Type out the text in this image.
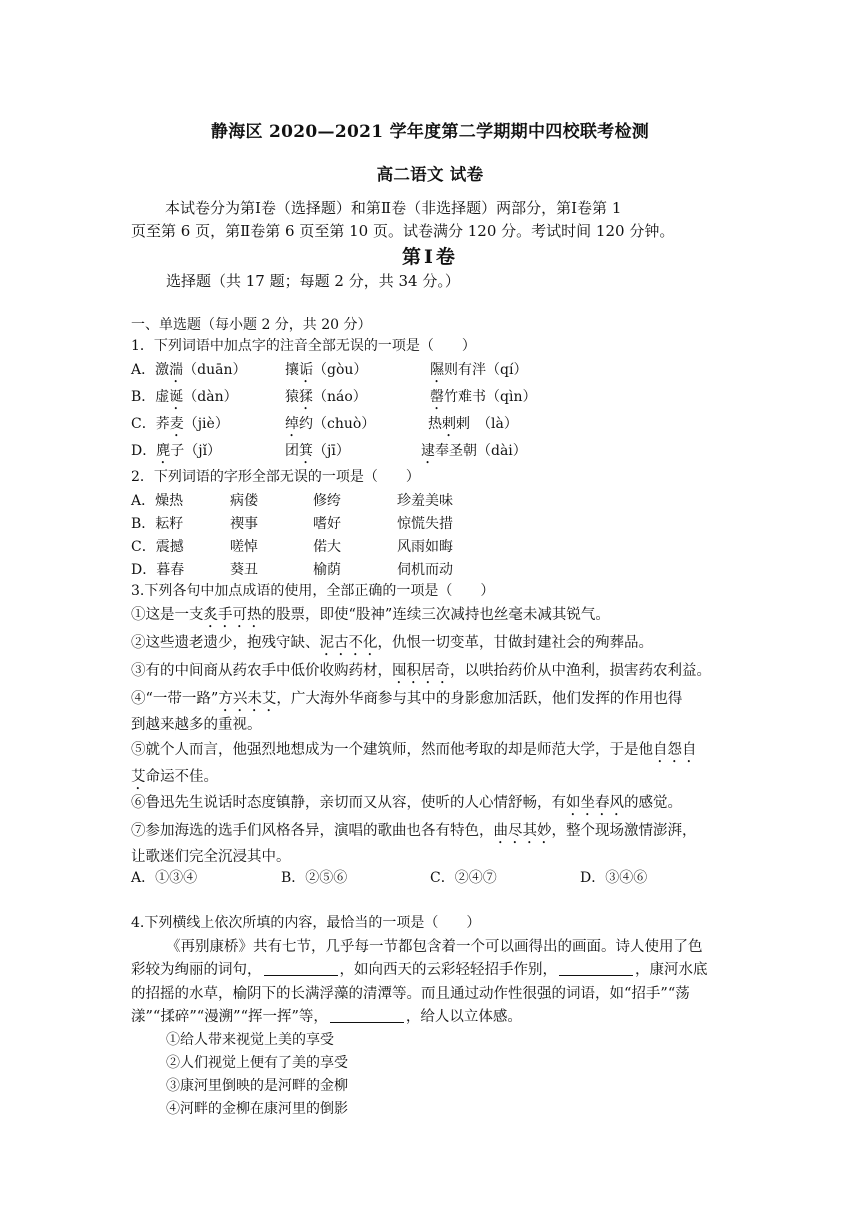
静海区 2020—2021 学年度第二学期期中四校联考检测
高二语文 试卷
本试卷分为第Ⅰ卷（选择题）和第Ⅱ卷（非选择题）两部分，第Ⅰ卷第 1
页至第 6 页，第Ⅱ卷第 6 页至第 10 页。试卷满分 120 分。考试时间 120 分钟。
第Ⅰ卷
选择题（共 17 题；每题 2 分，共 34 分。）
一、单选题（每小题 2 分，共 20 分）
1．下列词语中加点字的注音全部无误的一项是（　　）
A．激湍（duān）	攘诟（gòu）	隰则有泮（qí）
B．虚诞（dàn）	猿猱（náo）	罄竹难书（qìn）
C．荞麦（jiè）	绰约（chuò）	热剌剌　（là）
D．麂子（jǐ）	团箕（jī）	逮奉圣朝（dài）
2．下列词语的字形全部无误的一项是（　　）
A．燥热	病偻	修绔	珍羞美味
B．耘籽	禊事	嗜好	惊慌失措
C．震撼	嗟悼	偌大	风雨如晦
D．暮春	葵丑	榆荫	伺机而动
3.下列各句中加点成语的使用，全部正确的一项是（　　）
①这是一支炙手可热的股票，即使“股神”连续三次减持也丝毫未减其锐气。
②这些遗老遗少，抱残守缺、泥古不化，仇恨一切变革，甘做封建社会的殉葬品。
③有的中间商从药农手中低价收购药材，囤积居奇，以哄抬药价从中渔利，损害药农利益。
④“一带一路”方兴未艾，广大海外华商参与其中的身影愈加活跃，他们发挥的作用也得
到越来越多的重视。
⑤就个人而言，他强烈地想成为一个建筑师，然而他考取的却是师范大学，于是他自怨自
艾命运不佳。
⑥鲁迅先生说话时态度镇静，亲切而又从容，使听的人心情舒畅，有如坐春风的感觉。
⑦参加海选的选手们风格各异，演唱的歌曲也各有特色，曲尽其妙，整个现场激情澎湃，
让歌迷们完全沉浸其中。
A．①③④	B．②⑤⑥	C．②④⑦	D．③④⑥
4.下列横线上依次所填的内容，最恰当的一项是（　　）
《再别康桥》共有七节，几乎每一节都包含着一个可以画得出的画面。诗人使用了色
彩较为绚丽的词句，	，如向西天的云彩轻轻招手作别，	，康河水底
的招摇的水草，榆阴下的长满浮藻的清潭等。而且通过动作性很强的词语，如“招手”“荡
漾”“揉碎”“漫溯”“挥一挥”等，	，给人以立体感。
①给人带来视觉上美的享受
②人们视觉上便有了美的享受
③康河里倒映的是河畔的金柳
④河畔的金柳在康河里的倒影
